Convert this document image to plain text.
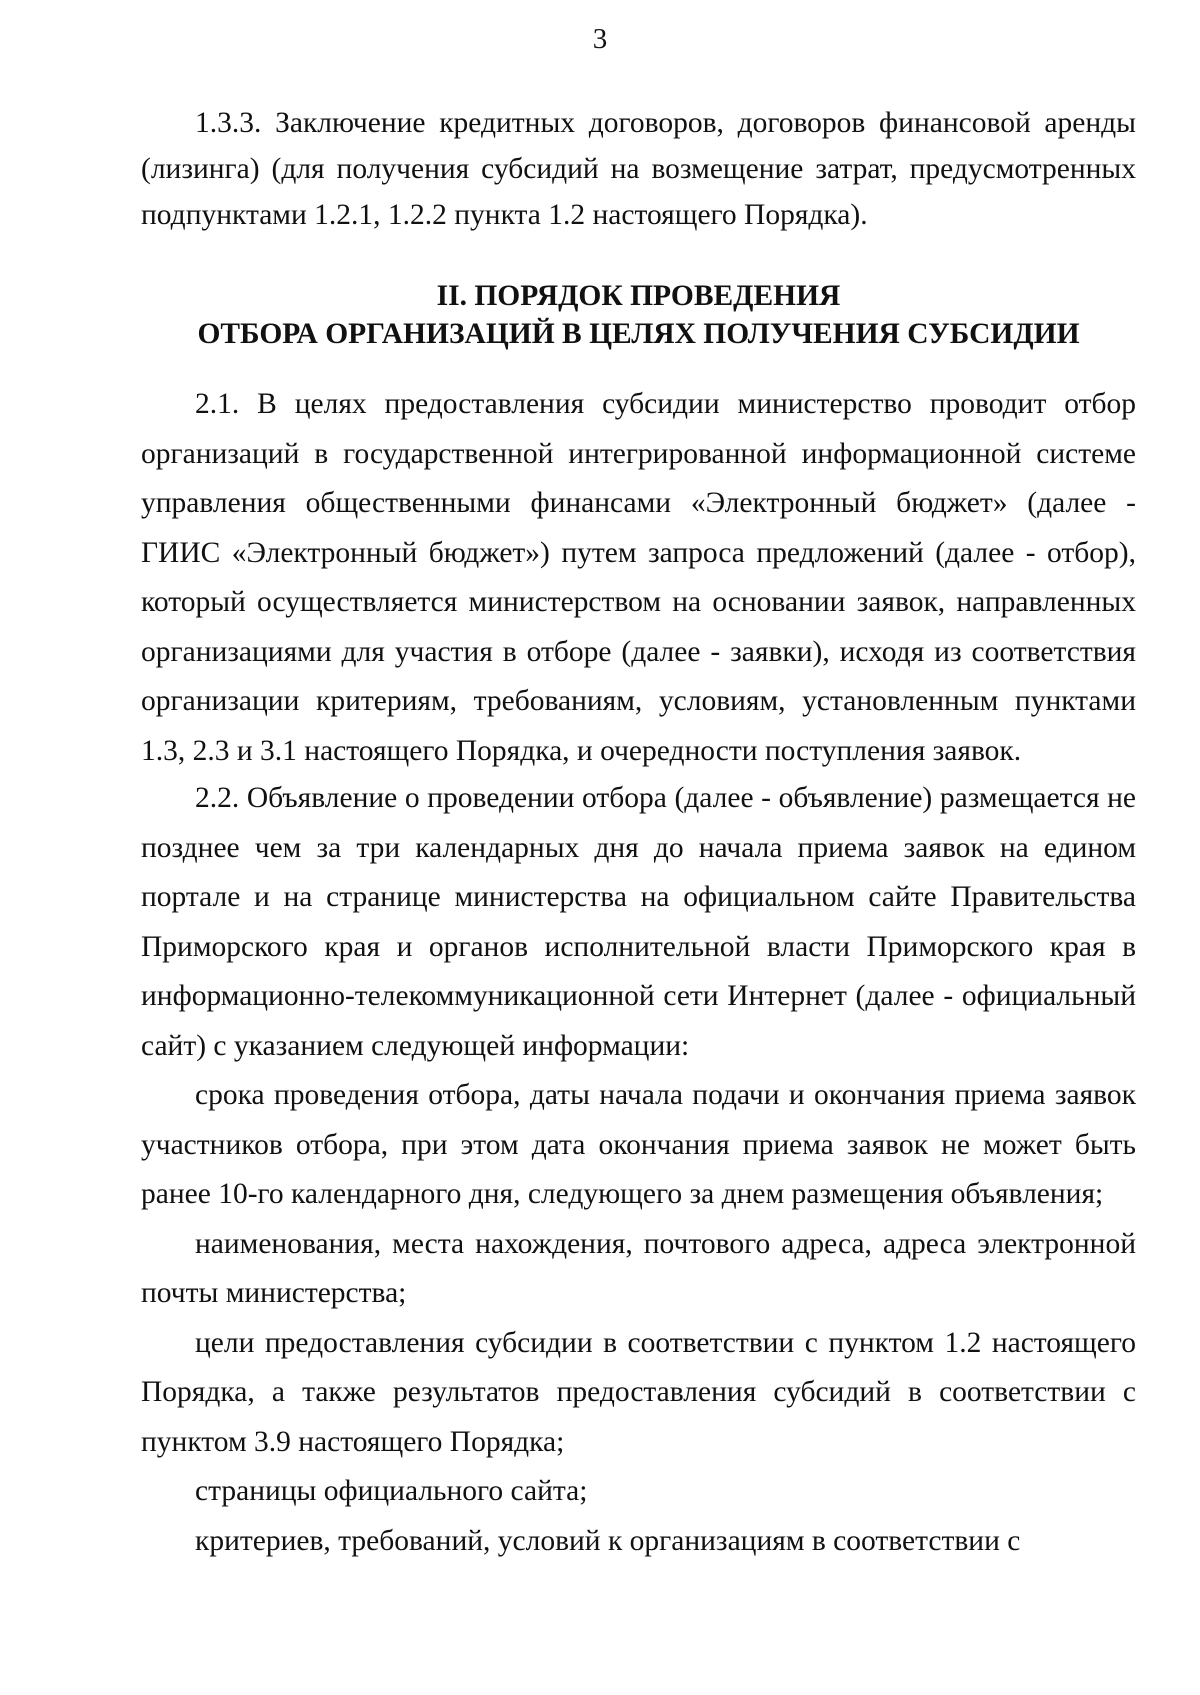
3

1.3.3. Заключение кредитных договоров, договоров финансовой аренды (лизинга) (для получения субсидий на возмещение затрат, предусмотренных подпунктами 1.2.1, 1.2.2 пункта 1.2 настоящего Порядка).

II. ПОРЯДОК ПРОВЕДЕНИЯ
ОТБОРА ОРГАНИЗАЦИЙ В ЦЕЛЯХ ПОЛУЧЕНИЯ СУБСИДИИ

2.1. В целях предоставления субсидии министерство проводит отбор организаций в государственной интегрированной информационной системе управления общественными финансами «Электронный бюджет» (далее - ГИИС «Электронный бюджет») путем запроса предложений (далее - отбор), который осуществляется министерством на основании заявок, направленных организациями для участия в отборе (далее - заявки), исходя из соответствия организации критериям, требованиям, условиям, установленным пунктами 1.3, 2.3 и 3.1 настоящего Порядка, и очередности поступления заявок.

2.2. Объявление о проведении отбора (далее - объявление) размещается не позднее чем за три календарных дня до начала приема заявок на едином портале и на странице министерства на официальном сайте Правительства Приморского края и органов исполнительной власти Приморского края в информационно-телекоммуникационной сети Интернет (далее - официальный сайт) с указанием следующей информации:

срока проведения отбора, даты начала подачи и окончания приема заявок участников отбора, при этом дата окончания приема заявок не может быть ранее 10-го календарного дня, следующего за днем размещения объявления;

наименования, места нахождения, почтового адреса, адреса электронной почты министерства;

цели предоставления субсидии в соответствии с пунктом 1.2 настоящего Порядка, а также результатов предоставления субсидий в соответствии с пунктом 3.9 настоящего Порядка;

страницы официального сайта;

критериев, требований, условий к организациям в соответствии с
